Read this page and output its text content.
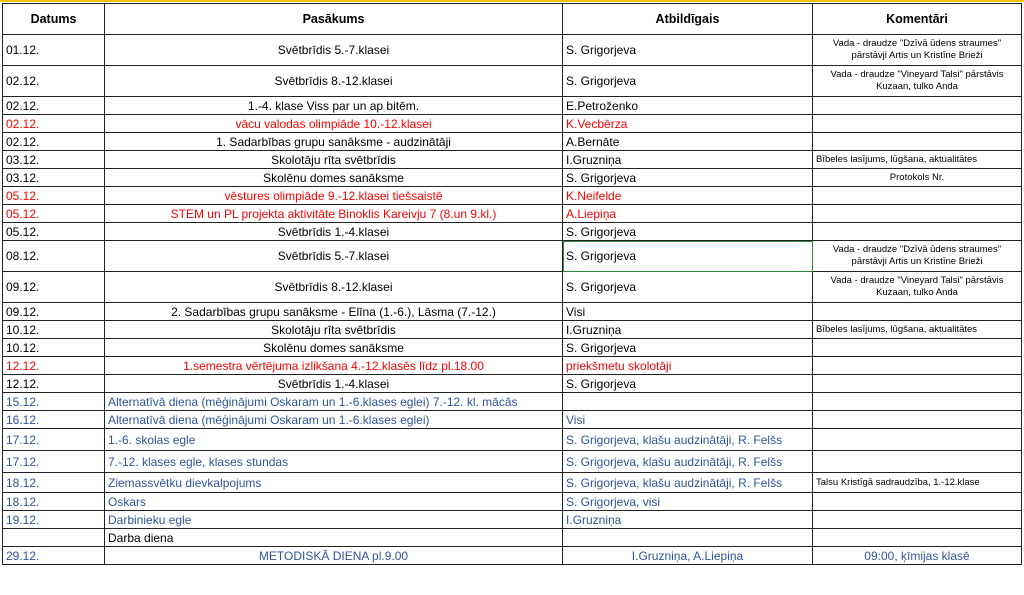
Datums	Pasākums	Atbildīgais	Komentāri
01.12.	Svētbrīdis 5.-7.klasei	S. Grigorjeva	Vada - draudze "Dzīvā ūdens straumes" pārstāvji Artis un Kristīne Brieži
02.12.	Svētbrīdis 8.-12.klasei	S. Grigorjeva	Vada - draudze "Vineyard Talsi" pārstāvis Kuzaan, tulko Anda
02.12.	1.-4. klase Viss par un ap bitēm.	E.Petroženko	
02.12.	vācu valodas olimpiāde 10.-12.klasei	K.Vecbērza	
02.12.	1. Sadarbības grupu sanāksme - audzinātāji	A.Bernāte	
03.12.	Skolotāju rīta svētbrīdis	I.Gruzniņa	Bībeles lasījums, lūgšana, aktualitātes
03.12.	Skolēnu domes sanāksme	S. Grigorjeva	Protokols Nr.
05.12.	vēstures olimpiāde 9.-12.klasei tiešsaistē	K.Neifelde	
05.12.	STEM un PL projekta aktivitāte Binoklis Kareivju 7 (8.un 9.kl.)	A.Liepiņa	
05.12.	Svētbrīdis 1.-4.klasei	S. Grigorjeva	
08.12.	Svētbrīdis 5.-7.klasei	S. Grigorjeva	Vada - draudze "Dzīvā ūdens straumes" pārstāvji Artis un Kristīne Brieži
09.12.	Svētbrīdis 8.-12.klasei	S. Grigorjeva	Vada - draudze "Vineyard Talsi" pārstāvis Kuzaan, tulko Anda
09.12.	2. Sadarbības grupu sanāksme - Elīna (1.-6.), Lāsma (7.-12.)	Visi	
10.12.	Skolotāju rīta svētbrīdis	I.Gruzniņa	Bībeles lasījums, lūgšana, aktualitātes
10.12.	Skolēnu domes sanāksme	S. Grigorjeva	
12.12.	1.semestra vērtējuma izlikšana 4.-12.klasēs līdz pl.18.00	priekšmetu skolotāji	
12.12.	Svētbrīdis 1.-4.klasei	S. Grigorjeva	
15.12.	Alternatīvā diena (mēģinājumi Oskaram un 1.-6.klases eglei) 7.-12. kl. mācās		
16.12.	Alternatīvā diena (mēģinājumi Oskaram un 1.-6.klases eglei)	Visi	
17.12.	1.-6. skolas egle	S. Grigorjeva, klašu audzinātāji, R. Felšs	
17.12.	7.-12. klases egle, klases stundas	S. Grigorjeva, klašu audzinātāji, R. Felšs	
18.12.	Ziemassvētku dievkalpojums	S. Grigorjeva, klašu audzinātāji, R. Felšs	Talsu Kristīgā sadraudzība, 1.-12.klase
18.12.	Oskars	S. Grigorjeva, visi	
19.12.	Darbinieku egle	I.Gruzniņa	
	Darba diena		
29.12.	METODISKĀ DIENA pl.9.00	I.Gruzniņa, A.Liepiņa	09:00, ķīmijas klasē
